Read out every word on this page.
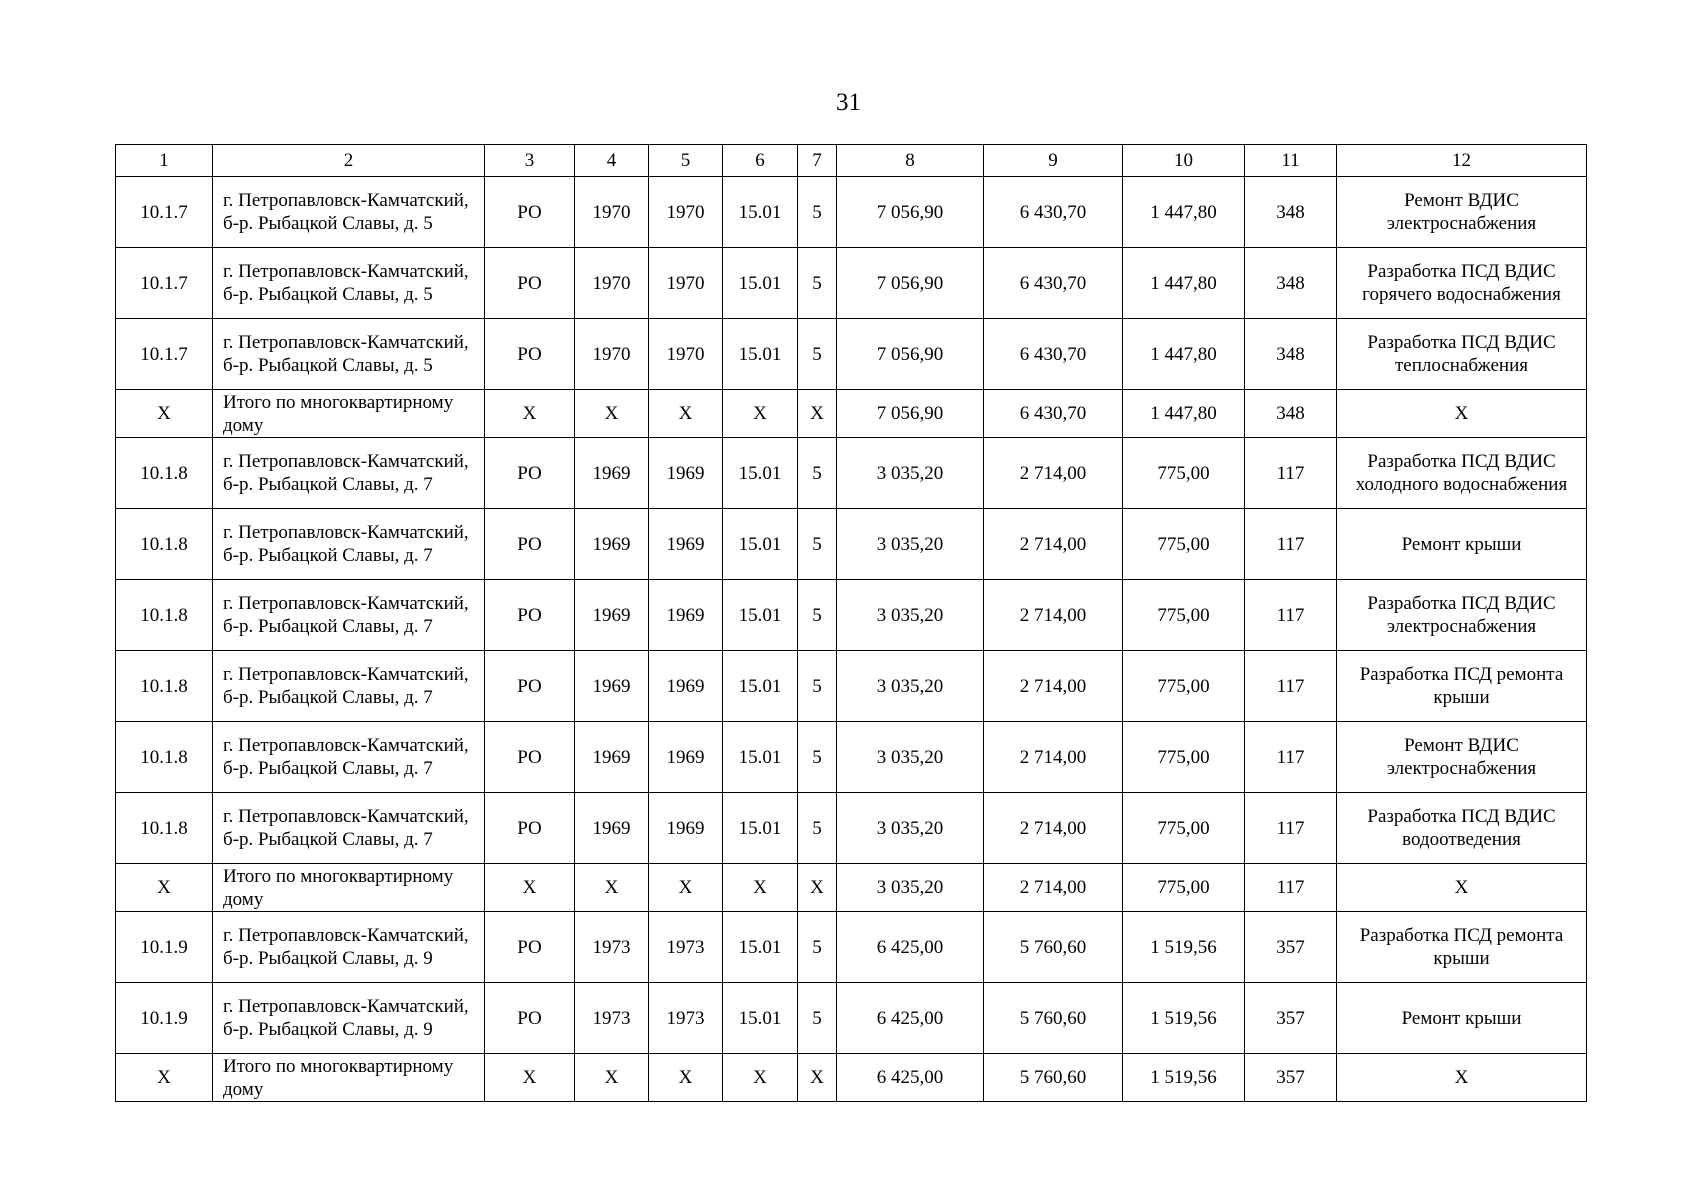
31
1	2	3	4	5	6	7	8	9	10	11	12
10.1.7	г. Петропавловск-Камчатский, б-р. Рыбацкой Славы, д. 5	РО	1970	1970	15.01	5	7 056,90	6 430,70	1 447,80	348	Ремонт ВДИС электроснабжения
10.1.7	г. Петропавловск-Камчатский, б-р. Рыбацкой Славы, д. 5	РО	1970	1970	15.01	5	7 056,90	6 430,70	1 447,80	348	Разработка ПСД ВДИС горячего водоснабжения
10.1.7	г. Петропавловск-Камчатский, б-р. Рыбацкой Славы, д. 5	РО	1970	1970	15.01	5	7 056,90	6 430,70	1 447,80	348	Разработка ПСД ВДИС теплоснабжения
Х	Итого по многоквартирному дому	Х	Х	Х	Х	Х	7 056,90	6 430,70	1 447,80	348	Х
10.1.8	г. Петропавловск-Камчатский, б-р. Рыбацкой Славы, д. 7	РО	1969	1969	15.01	5	3 035,20	2 714,00	775,00	117	Разработка ПСД ВДИС холодного водоснабжения
10.1.8	г. Петропавловск-Камчатский, б-р. Рыбацкой Славы, д. 7	РО	1969	1969	15.01	5	3 035,20	2 714,00	775,00	117	Ремонт крыши
10.1.8	г. Петропавловск-Камчатский, б-р. Рыбацкой Славы, д. 7	РО	1969	1969	15.01	5	3 035,20	2 714,00	775,00	117	Разработка ПСД ВДИС электроснабжения
10.1.8	г. Петропавловск-Камчатский, б-р. Рыбацкой Славы, д. 7	РО	1969	1969	15.01	5	3 035,20	2 714,00	775,00	117	Разработка ПСД ремонта крыши
10.1.8	г. Петропавловск-Камчатский, б-р. Рыбацкой Славы, д. 7	РО	1969	1969	15.01	5	3 035,20	2 714,00	775,00	117	Ремонт ВДИС электроснабжения
10.1.8	г. Петропавловск-Камчатский, б-р. Рыбацкой Славы, д. 7	РО	1969	1969	15.01	5	3 035,20	2 714,00	775,00	117	Разработка ПСД ВДИС водоотведения
Х	Итого по многоквартирному дому	Х	Х	Х	Х	Х	3 035,20	2 714,00	775,00	117	Х
10.1.9	г. Петропавловск-Камчатский, б-р. Рыбацкой Славы, д. 9	РО	1973	1973	15.01	5	6 425,00	5 760,60	1 519,56	357	Разработка ПСД ремонта крыши
10.1.9	г. Петропавловск-Камчатский, б-р. Рыбацкой Славы, д. 9	РО	1973	1973	15.01	5	6 425,00	5 760,60	1 519,56	357	Ремонт крыши
Х	Итого по многоквартирному дому	Х	Х	Х	Х	Х	6 425,00	5 760,60	1 519,56	357	Х
